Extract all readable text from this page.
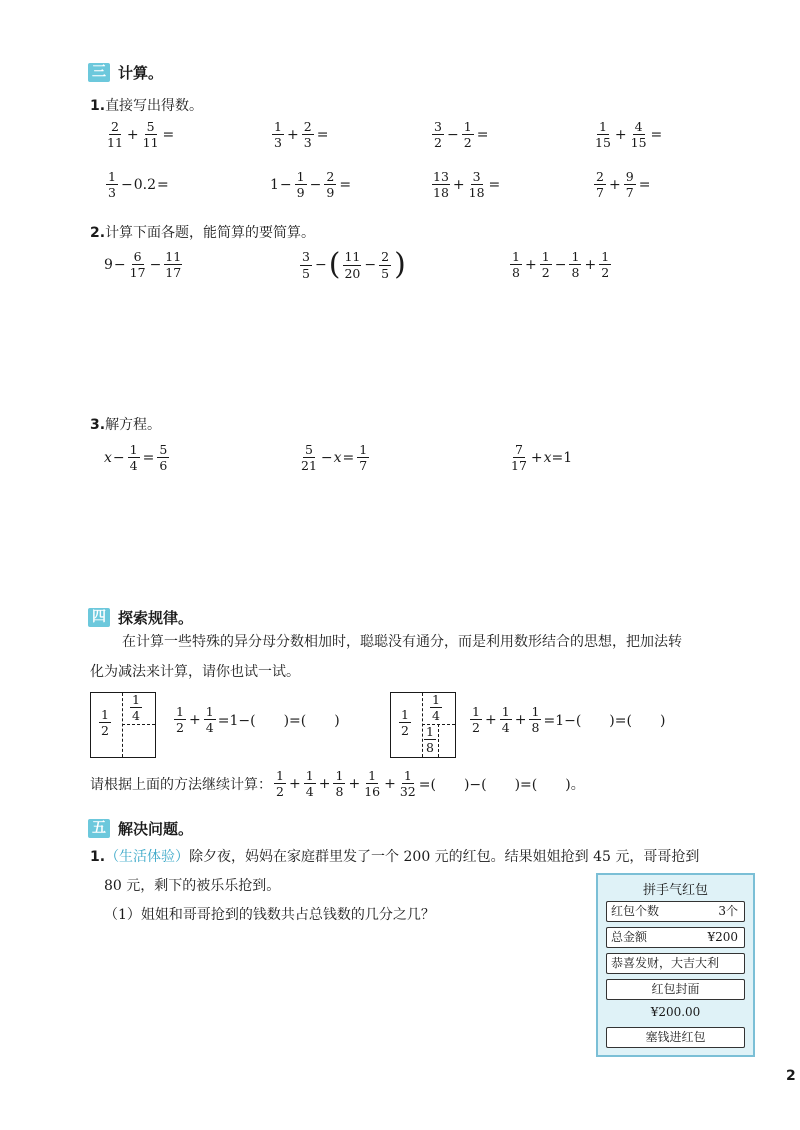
三 计算。
1.直接写出得数。
$\frac{2}{11} + \frac{5}{11}$ =	$\frac{1}{3} + \frac{2}{3}$ =	$\frac{3}{2} - \frac{1}{2}$ =	$\frac{1}{15} + \frac{4}{15}$ =
$\frac{1}{3} - 0.2$ =	$1 - \frac{1}{9} - \frac{2}{9}$ =	$\frac{13}{18} + \frac{3}{18}$ =	$\frac{2}{7} + \frac{9}{7}$ =
2.计算下面各题，能简算的要简算。
$9 - \frac{6}{17} - \frac{11}{17}$	$\frac{3}{5}$ − ( $\frac{11}{20} - \frac{2}{5}$ )	$\frac{1}{8} + \frac{1}{2} - \frac{1}{8} + \frac{1}{2}$
3.解方程。
$x - \frac{1}{4} = \frac{5}{6}$	$\frac{5}{21} - x = \frac{1}{7}$	$\frac{7}{17} + x =1$
四 探索规律。
在计算一些特殊的异分母分数相加时，聪聪没有通分，而是利用数形结合的思想，把加法转
化为减法来计算，请你也试一试。
$\frac{1}{2}$
$\frac{1}{4}$	$\frac{1}{2} + \frac{1}{4} =1-$(　　)=(　　)	$\frac{1}{2}$
$\frac{1}{4}$
$\frac{1}{8}$
$\frac{1}{2} + \frac{1}{4} + \frac{1}{8} =1-$(　　)=(　　)
请根据上面的方法继续计算： $\frac{1}{2} + \frac{1}{4} + \frac{1}{8} + \frac{1}{16} + \frac{1}{32}$ =(　　)−(　　)=(　　)。
五 解决问题。
1.（生活体验）除夕夜，妈妈在家庭群里发了一个 200 元的红包。结果姐姐抢到 45 元，哥哥抢到
80 元，剩下的被乐乐抢到。
（1）姐姐和哥哥抢到的钱数共占总钱数的几分之几？
拼手气红包
红包个数	3个
总金额	¥200
恭喜发财，大吉大利
红包封面
¥200.00
塞钱进红包
2
